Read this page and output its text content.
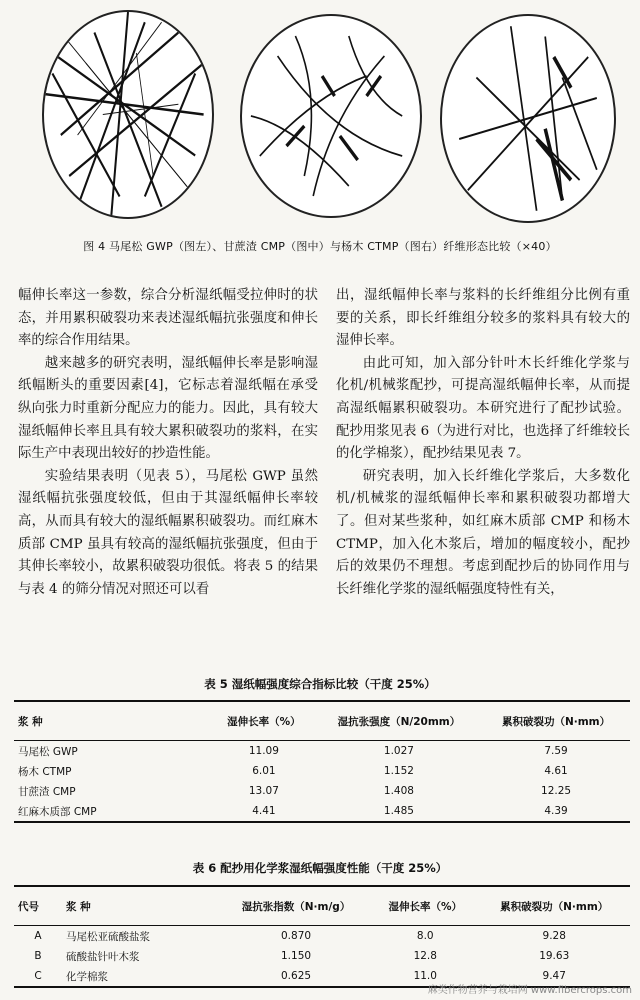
图 4 马尾松 GWP（图左）、甘蔗渣 CMP（图中）与杨木 CTMP（图右）纤维形态比较（×40）

幅伸长率这一参数，综合分析湿纸幅受拉伸时的状态，并用累积破裂功来表述湿纸幅抗张强度和伸长率的综合作用结果。

越来越多的研究表明，湿纸幅伸长率是影响湿纸幅断头的重要因素[4]，它标志着湿纸幅在承受纵向张力时重新分配应力的能力。因此，具有较大湿纸幅伸长率且具有较大累积破裂功的浆料，在实际生产中表现出较好的抄造性能。

实验结果表明（见表 5），马尾松 GWP 虽然湿纸幅抗张强度较低，但由于其湿纸幅伸长率较高，从而具有较大的湿纸幅累积破裂功。而红麻木质部 CMP 虽具有较高的湿纸幅抗张强度，但由于其伸长率较小，故累积破裂功很低。将表 5 的结果与表 4 的筛分情况对照还可以看

出，湿纸幅伸长率与浆料的长纤维组分比例有重要的关系，即长纤维组分较多的浆料具有较大的湿伸长率。

由此可知，加入部分针叶木长纤维化学浆与化机/机械浆配抄，可提高湿纸幅伸长率，从而提高湿纸幅累积破裂功。本研究进行了配抄试验。配抄用浆见表 6（为进行对比，也选择了纤维较长的化学棉浆），配抄结果见表 7。

研究表明，加入长纤维化学浆后，大多数化机/机械浆的湿纸幅伸长率和累积破裂功都增大了。但对某些浆种，如红麻木质部 CMP 和杨木 CTMP，加入化木浆后，增加的幅度较小，配抄后的效果仍不理想。考虑到配抄后的协同作用与长纤维化学浆的湿纸幅强度特性有关，

表 5 湿纸幅强度综合指标比较（干度 25%）
浆 种	湿伸长率（%）	湿抗张强度（N/20mm）	累积破裂功（N·mm）
马尾松 GWP	11.09	1.027	7.59
杨木 CTMP	6.01	1.152	4.61
甘蔗渣 CMP	13.07	1.408	12.25
红麻木质部 CMP	4.41	1.485	4.39
表 6 配抄用化学浆湿纸幅强度性能（干度 25%）
代号	浆 种	湿抗张指数（N·m/g）	湿伸长率（%）	累积破裂功（N·mm）
A	马尾松亚硫酸盐浆	0.870	8.0	9.28
B	硫酸盐针叶木浆	1.150	12.8	19.63
C	化学棉浆	0.625	11.0	9.47
麻类作物营养与栽培网 www.fibercrops.com
